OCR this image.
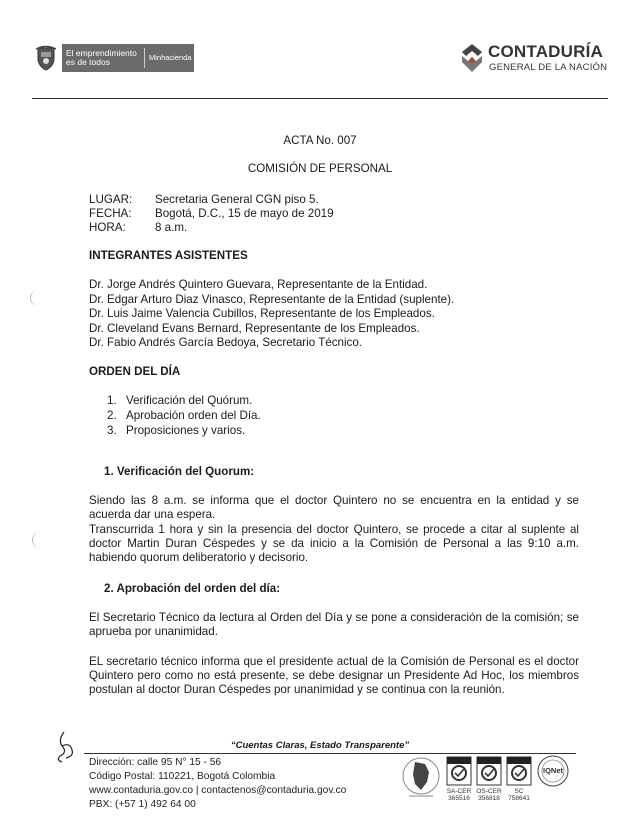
El emprendimiento
es de todos	Minhacienda	CONTADURÍA
GENERAL DE LA NACIÓN
ACTA No. 007
COMISIÓN DE PERSONAL
LUGAR: Secretaria General CGN piso 5.
FECHA: Bogotá, D.C., 15 de mayo de 2019
HORA:	8 a.m.
INTEGRANTES ASISTENTES
Dr. Jorge Andrés Quintero Guevara, Representante de la Entidad.
Dr. Edgar Arturo Diaz Vinasco, Representante de la Entidad (suplente).
Dr. Luis Jaime Valencia Cubillos, Representante de los Empleados.
Dr. Cleveland Evans Bernard, Representante de los Empleados.
Dr. Fabio Andrés García Bedoya, Secretario Técnico.
ORDEN DEL DÍA
1. Verificación del Quórum.
2. Aprobación orden del Día.
3. Proposiciones y varios.
1. Verificación del Quorum:
Siendo las 8 a.m. se informa que el doctor Quintero no se encuentra en la entidad y se acuerda dar una espera.
Transcurrida 1 hora y sin la presencia del doctor Quintero, se procede a citar al suplente al doctor Martin Duran Céspedes y se da inicio a la Comisión de Personal a las 9:10 a.m. habiendo quorum deliberatorio y decisorio.
2. Aprobación del orden del día:
El Secretario Técnico da lectura al Orden del Día y se pone a consideración de la comisión; se aprueba por unanimidad.
EL secretario técnico informa que el presidente actual de la Comisión de Personal es el doctor Quintero pero como no está presente, se debe designar un Presidente Ad Hoc, los miembros postulan al doctor Duran Céspedes por unanimidad y se continua con la reunión.
“Cuentas Claras, Estado Transparente”
Dirección: calle 95 N° 15 - 56
Código Postal: 110221, Bogotá Colombia
www.contaduria.gov.co | contactenos@contaduria.gov.co
PBX: (+57 1) 492 64 00
SA-CER
365516
OS-CER
356818
SC
758641
IQNet
